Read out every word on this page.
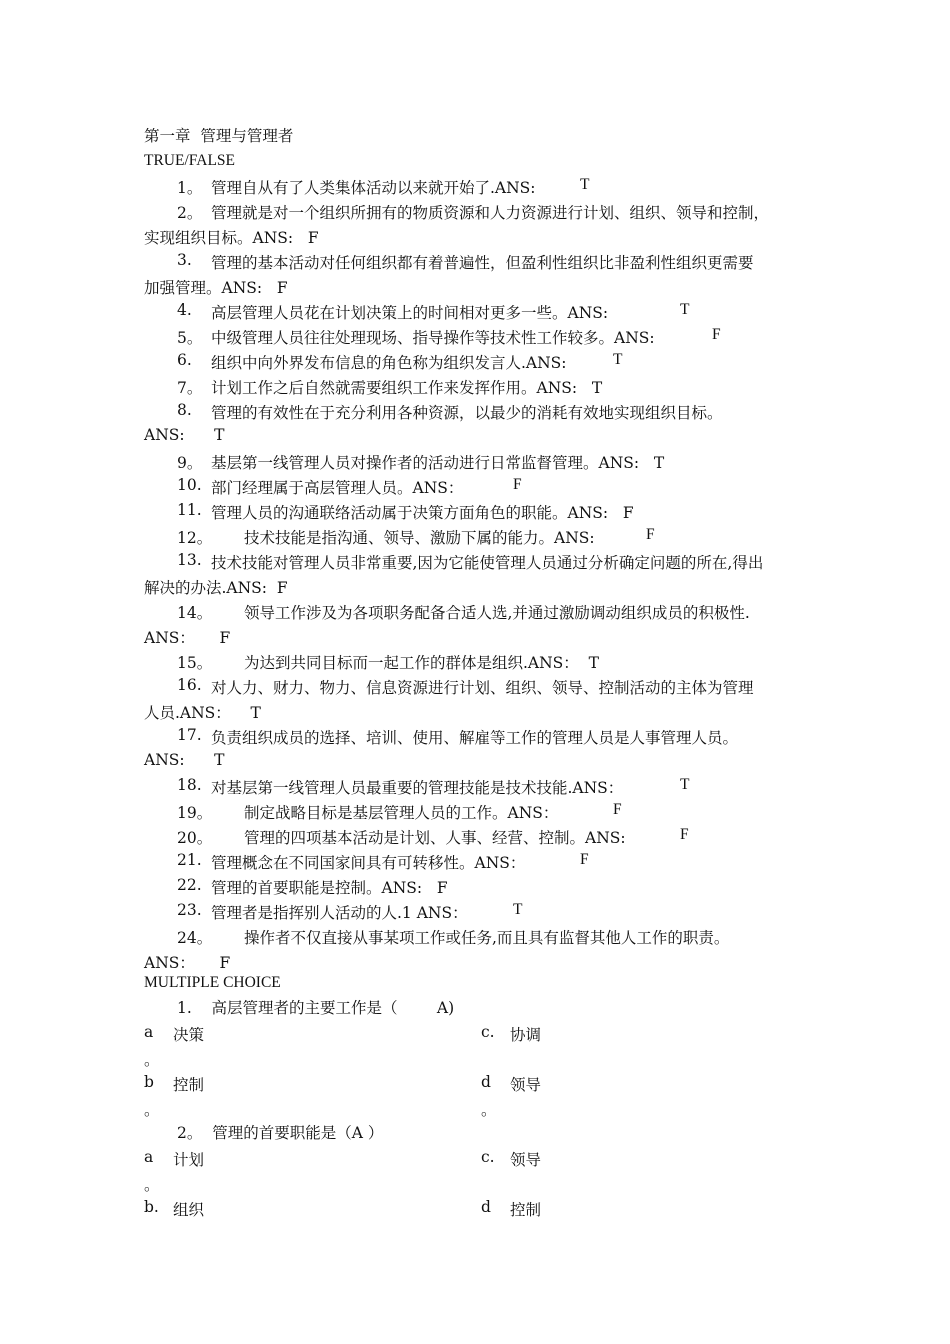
第一章  管理与管理者
TRUE/FALSE
1。 管理自从有了人类集体活动以来就开始了.ANS:	T
2。 管理就是对一个组织所拥有的物质资源和人力资源进行计划、组织、领导和控制，
实现组织目标。ANS:   F
3. 管理的基本活动对任何组织都有着普遍性，但盈利性组织比非盈利性组织更需要
加强管理。ANS:   F
4. 高层管理人员花在计划决策上的时间相对更多一些。ANS:	T
5。 中级管理人员往往处理现场、指导操作等技术性工作较多。ANS:	F
6. 组织中向外界发布信息的角色称为组织发言人.ANS:	T
7。 计划工作之后自然就需要组织工作来发挥作用。ANS:   T
8. 管理的有效性在于充分利用各种资源，以最少的消耗有效地实现组织目标。
ANS:      T
9。 基层第一线管理人员对操作者的活动进行日常监督管理。ANS:   T
10. 部门经理属于高层管理人员。ANS：	F
11. 管理人员的沟通联络活动属于决策方面角色的职能。ANS:   F
12。 技术技能是指沟通、领导、激励下属的能力。ANS:	F
13. 技术技能对管理人员非常重要,因为它能使管理人员通过分析确定问题的所在,得出
解决的办法.ANS:  F
14。 领导工作涉及为各项职务配备合适人选,并通过激励调动组织成员的积极性.
ANS：     F
15。 为达到共同目标而一起工作的群体是组织.ANS：  T
16. 对人力、财力、物力、信息资源进行计划、组织、领导、控制活动的主体为管理
人员.ANS：    T
17. 负责组织成员的选择、培训、使用、解雇等工作的管理人员是人事管理人员。
ANS:      T
18. 对基层第一线管理人员最重要的管理技能是技术技能.ANS：	T
19。 制定战略目标是基层管理人员的工作。ANS：	F
20。 管理的四项基本活动是计划、人事、经营、控制。ANS:	F
21. 管理概念在不同国家间具有可转移性。ANS：	F
22. 管理的首要职能是控制。ANS:   F
23. 管理者是指挥别人活动的人.1 ANS：	T
24。 操作者不仅直接从事某项工作或任务,而且具有监督其他人工作的职责。
ANS：     F
MULTIPLE CHOICE
1.    高层管理者的主要工作是（        A)
a 决策	c. 协调
。
b 控制	d 领导
。	。
2。  管理的首要职能是（A ）
a 计划	c. 领导
。
b. 组织	d 控制
